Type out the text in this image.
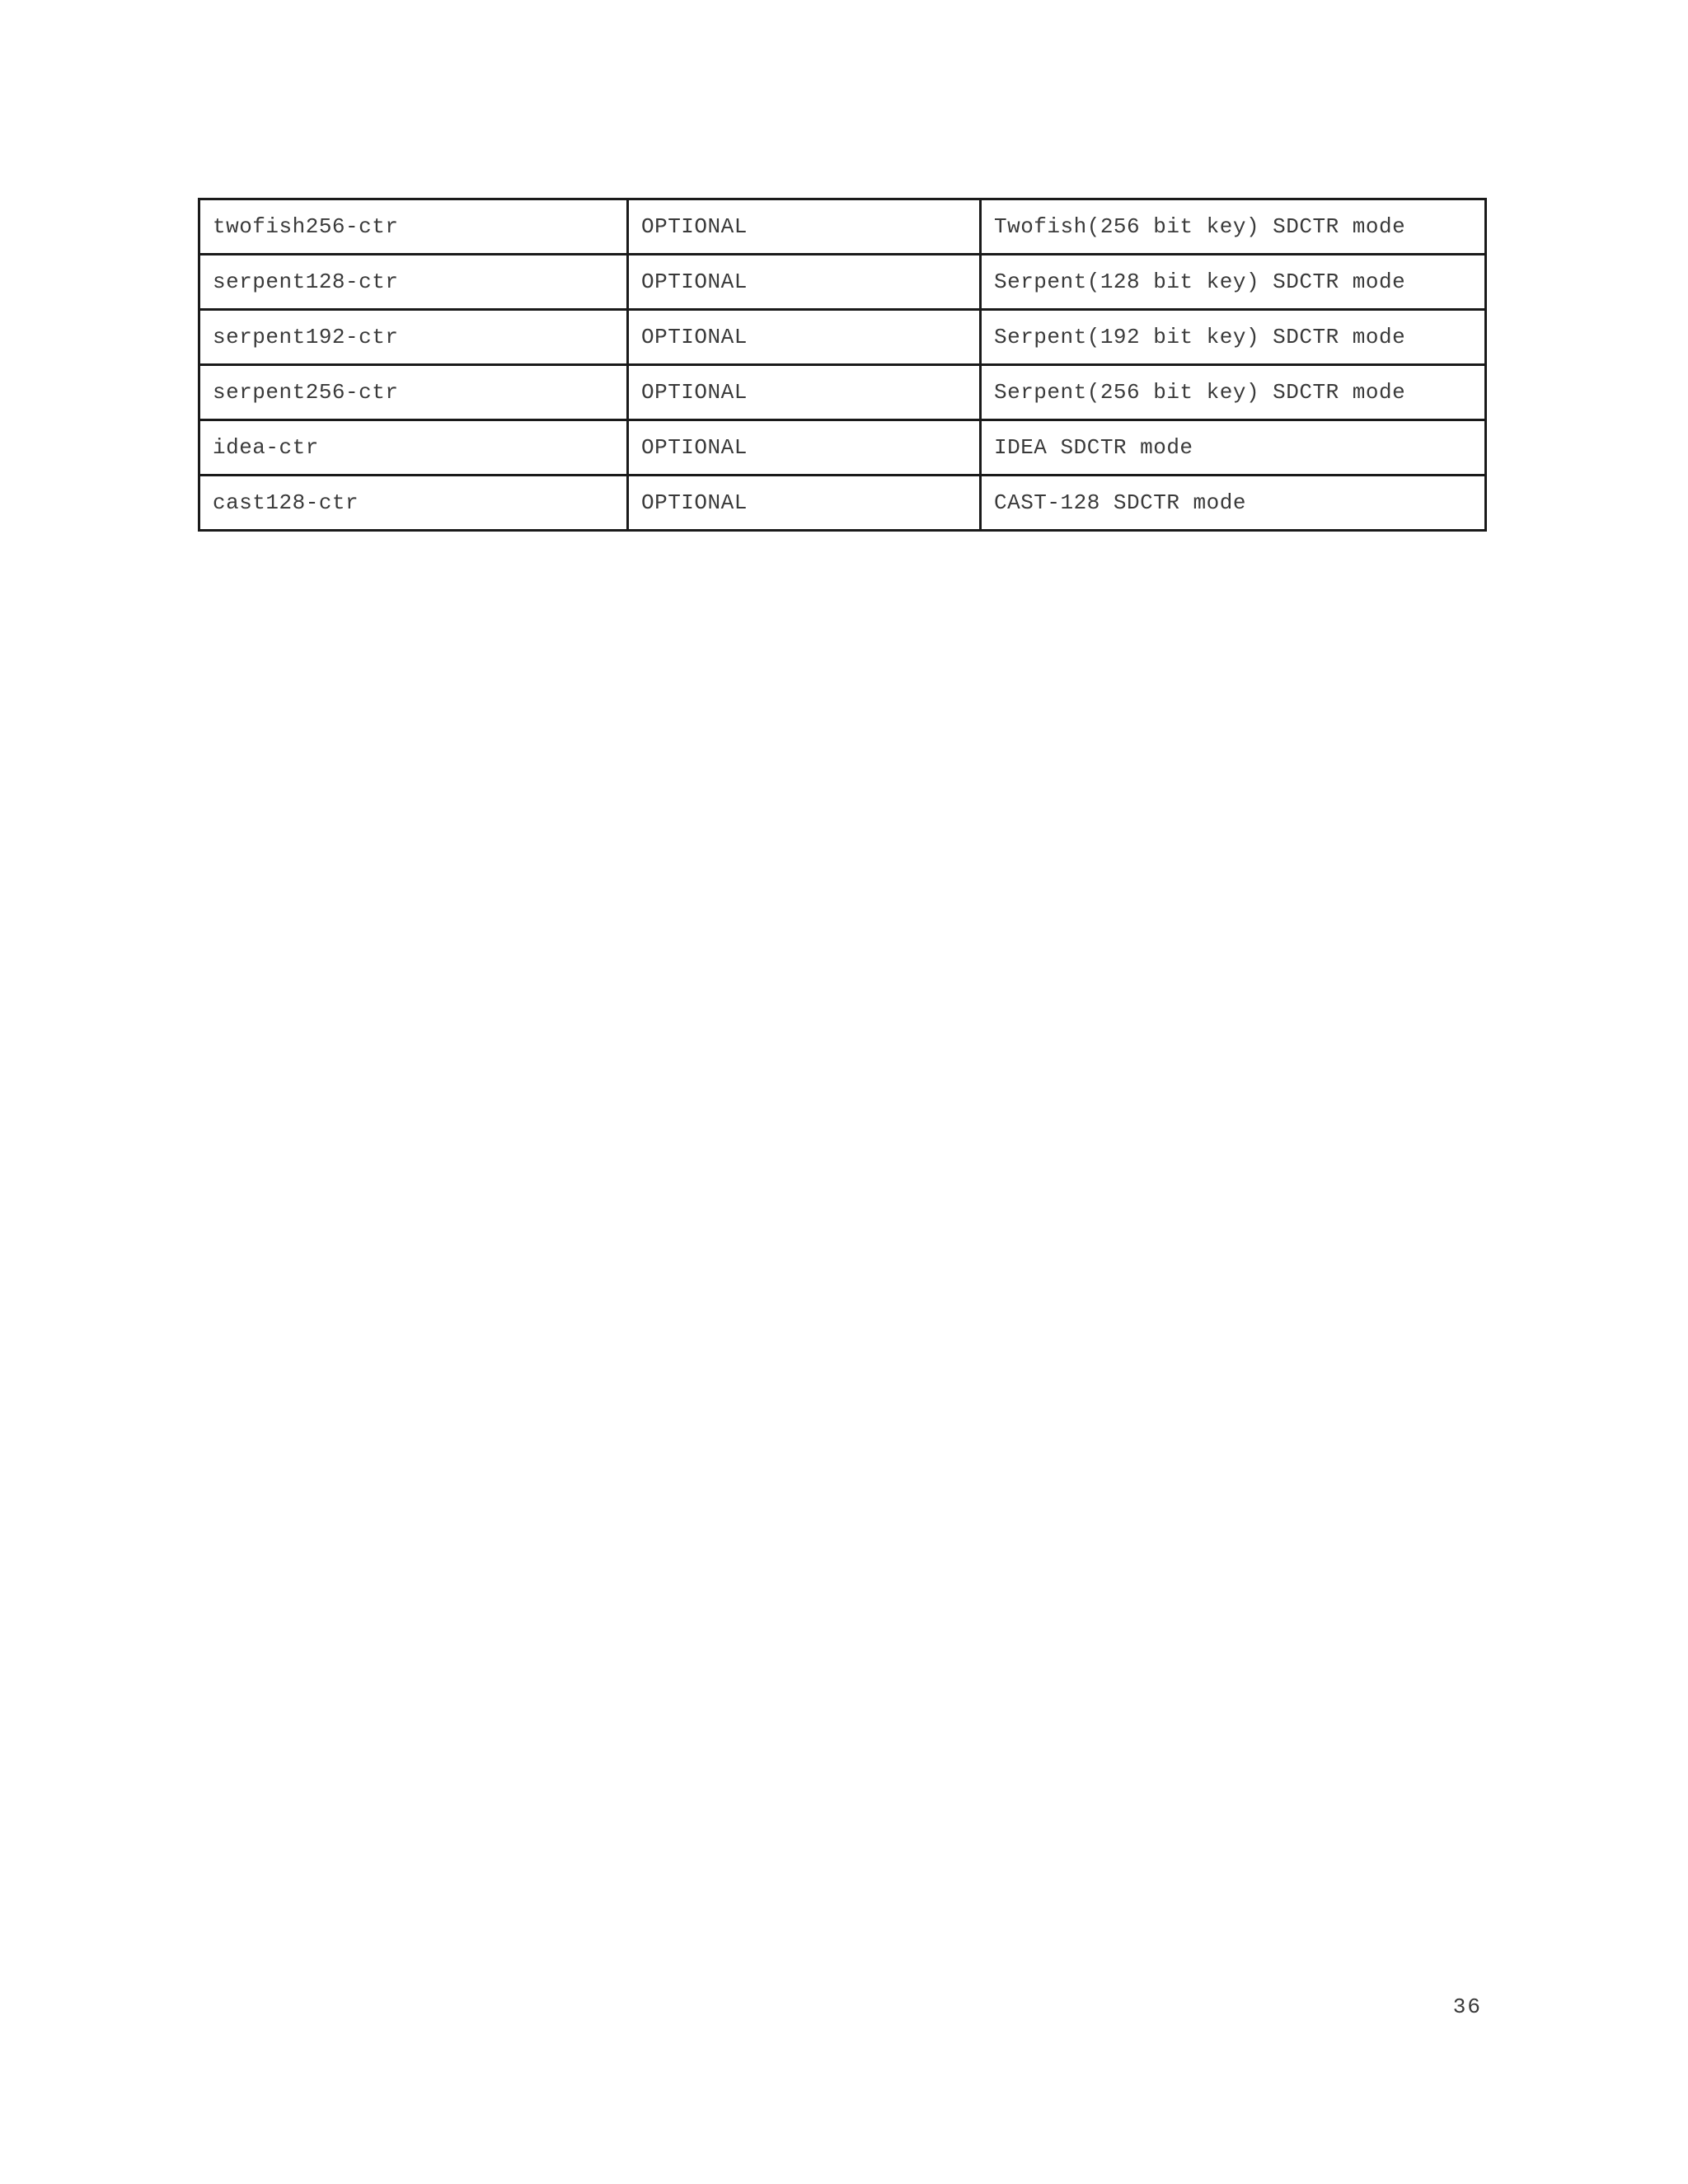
twofish256-ctr	OPTIONAL	Twofish(256 bit key) SDCTR mode
serpent128-ctr	OPTIONAL	Serpent(128 bit key) SDCTR mode
serpent192-ctr	OPTIONAL	Serpent(192 bit key) SDCTR mode
serpent256-ctr	OPTIONAL	Serpent(256 bit key) SDCTR mode
idea-ctr	OPTIONAL	IDEA SDCTR mode
cast128-ctr	OPTIONAL	CAST-128 SDCTR mode
36
